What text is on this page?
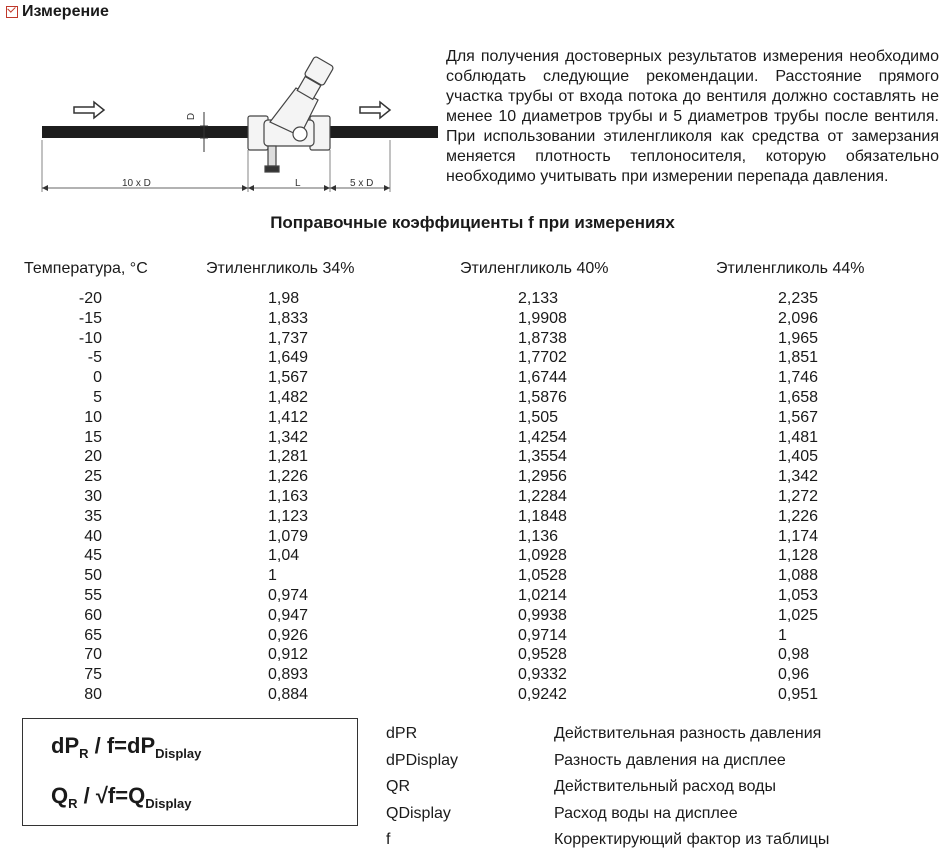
Измерение
10 x D	L	5 x D
D
Для получения достоверных результатов измерения необходимо соблюдать следующие рекомендации. Расстояние прямого участка трубы от входа потока до вентиля должно составлять не менее 10 диаметров трубы и 5 диаметров трубы после вентиля. При использовании этиленгликоля как средства от замерзания меняется плотность теплоносителя, которую обязательно необходимо учитывать при измерении перепада давления.
Поправочные коэффициенты f при измерениях
Температура, °C	Этиленгликоль 34%	Этиленгликоль 40%	Этиленгликоль 44%
-20	1,98	2,133	2,235
-15	1,833	1,9908	2,096
-10	1,737	1,8738	1,965
-5	1,649	1,7702	1,851
0	1,567	1,6744	1,746
5	1,482	1,5876	1,658
10	1,412	1,505	1,567
15	1,342	1,4254	1,481
20	1,281	1,3554	1,405
25	1,226	1,2956	1,342
30	1,163	1,2284	1,272
35	1,123	1,1848	1,226
40	1,079	1,136	1,174
45	1,04	1,0928	1,128
50	1	1,0528	1,088
55	0,974	1,0214	1,053
60	0,947	0,9938	1,025
65	0,926	0,9714	1
70	0,912	0,9528	0,98
75	0,893	0,9332	0,96
80	0,884	0,9242	0,951
$dP_R / f=dP_{Display}$
$Q_R / √f=Q_{Display}$
dPR	Действительная разность давления
dPDisplay	Разность давления на дисплее
QR	Действительный расход воды
QDisplay	Расход воды на дисплее
f	Корректирующий фактор из таблицы
